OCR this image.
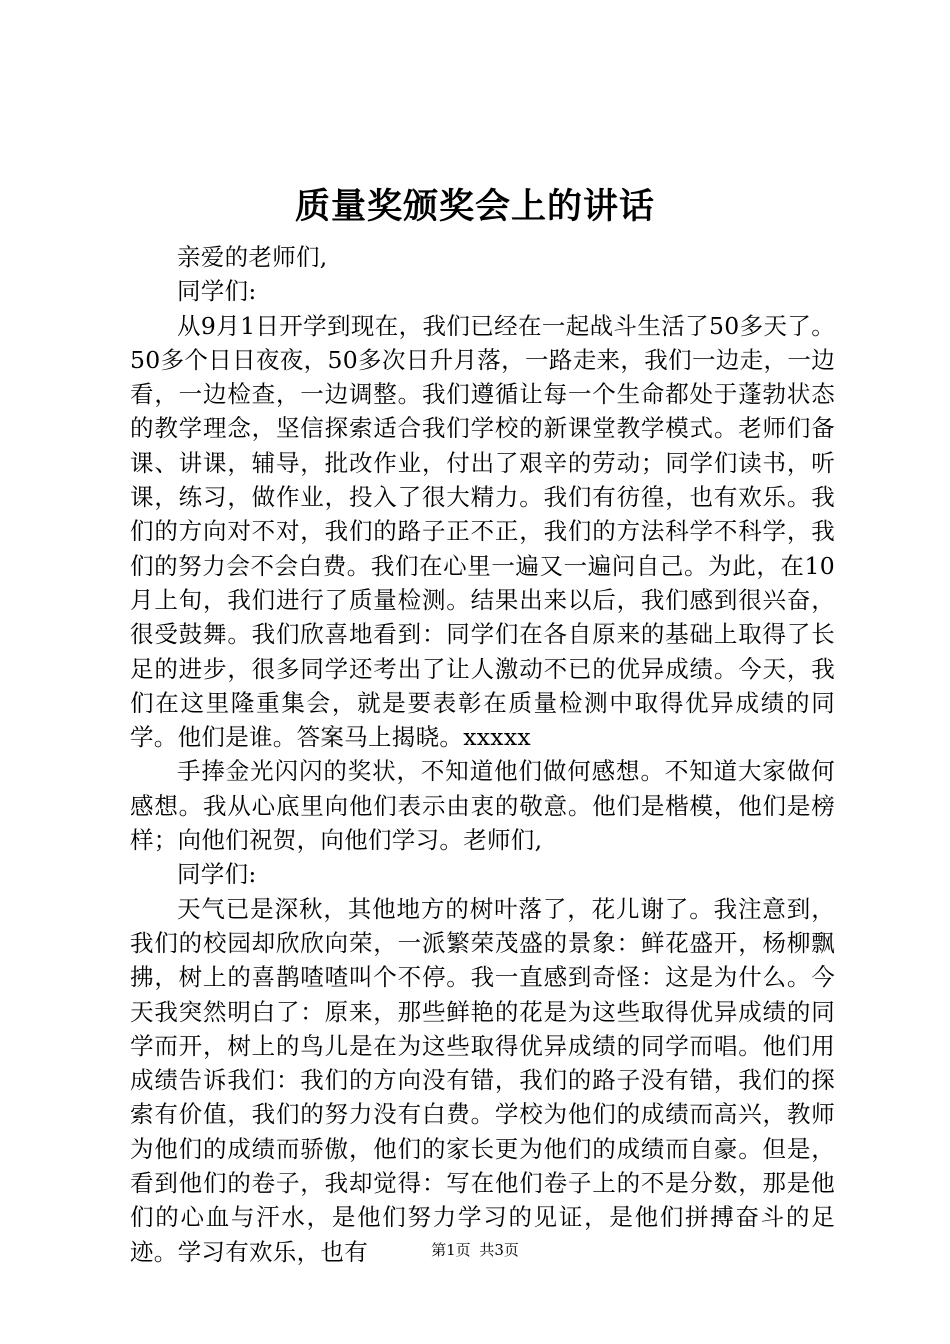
质量奖颁奖会上的讲话

亲爱的老师们,

同学们:

从9月1日开学到现在，我们已经在一起战斗生活了50多天了。50多个日日夜夜，50多次日升月落，一路走来，我们一边走，一边看，一边检查，一边调整。我们遵循让每一个生命都处于蓬勃状态的教学理念，坚信探索适合我们学校的新课堂教学模式。老师们备课、讲课，辅导，批改作业，付出了艰辛的劳动；同学们读书，听课，练习，做作业，投入了很大精力。我们有彷徨，也有欢乐。我们的方向对不对，我们的路子正不正，我们的方法科学不科学，我们的努力会不会白费。我们在心里一遍又一遍问自己。为此，在10月上旬，我们进行了质量检测。结果出来以后，我们感到很兴奋，很受鼓舞。我们欣喜地看到：同学们在各自原来的基础上取得了长足的进步，很多同学还考出了让人激动不已的优异成绩。今天，我们在这里隆重集会，就是要表彰在质量检测中取得优异成绩的同学。他们是谁。答案马上揭晓。xxxxx

手捧金光闪闪的奖状，不知道他们做何感想。不知道大家做何感想。我从心底里向他们表示由衷的敬意。他们是楷模，他们是榜样；向他们祝贺，向他们学习。老师们,

同学们:

天气已是深秋，其他地方的树叶落了，花儿谢了。我注意到，我们的校园却欣欣向荣，一派繁荣茂盛的景象：鲜花盛开，杨柳飘拂，树上的喜鹊喳喳叫个不停。我一直感到奇怪：这是为什么。今天我突然明白了：原来，那些鲜艳的花是为这些取得优异成绩的同学而开，树上的鸟儿是在为这些取得优异成绩的同学而唱。他们用成绩告诉我们：我们的方向没有错，我们的路子没有错，我们的探索有价值，我们的努力没有白费。学校为他们的成绩而高兴，教师为他们的成绩而骄傲，他们的家长更为他们的成绩而自豪。但是，看到他们的卷子，我却觉得：写在他们卷子上的不是分数，那是他们的心血与汗水，是他们努力学习的见证，是他们拼搏奋斗的足迹。学习有欢乐，也有	第1页 共3页
